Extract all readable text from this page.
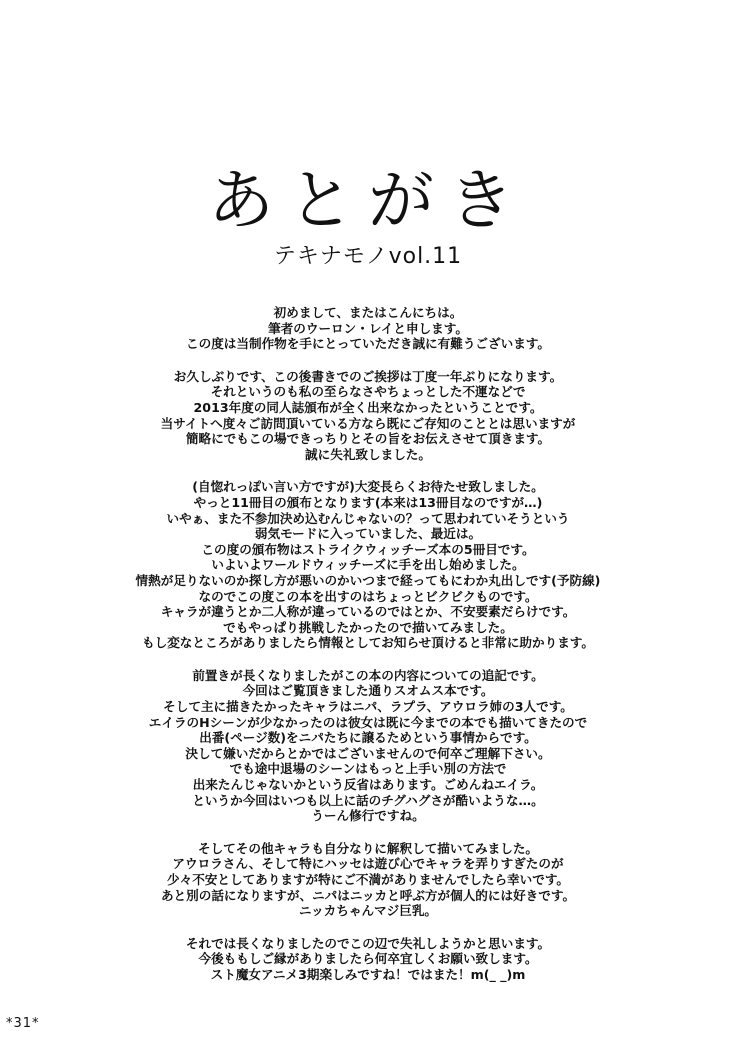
あとがき
テキナモノvol.11
初めまして、またはこんにちは。
筆者のウーロン・レイと申します。
この度は当制作物を手にとっていただき誠に有難うございます。
お久しぶりです、この後書きでのご挨拶は丁度一年ぶりになります。
それというのも私の至らなさやちょっとした不運などで
2013年度の同人誌頒布が全く出来なかったということです。
当サイトへ度々ご訪問頂いている方なら既にご存知のこととは思いますが
簡略にでもこの場できっちりとその旨をお伝えさせて頂きます。
誠に失礼致しました。
(自惚れっぽい言い方ですが)大変長らくお待たせ致しました。
やっと11冊目の頒布となります(本来は13冊目なのですが…)
いやぁ、また不参加決め込むんじゃないの？って思われていそうという
弱気モードに入っていました、最近は。
この度の頒布物はストライクウィッチーズ本の5冊目です。
いよいよワールドウィッチーズに手を出し始めました。
情熱が足りないのか探し方が悪いのかいつまで経ってもにわか丸出しです(予防線)
なのでこの度この本を出すのはちょっとビクビクものです。
キャラが違うとか二人称が違っているのではとか、不安要素だらけです。
でもやっぱり挑戦したかったので描いてみました。
もし変なところがありましたら情報としてお知らせ頂けると非常に助かります。
前置きが長くなりましたがこの本の内容についての追記です。
今回はご覧頂きました通りスオムス本です。
そして主に描きたかったキャラはニパ、ラプラ、アウロラ姉の3人です。
エイラのHシーンが少なかったのは彼女は既に今までの本でも描いてきたので
出番(ページ数)をニパたちに譲るためという事情からです。
決して嫌いだからとかではございませんので何卒ご理解下さい。
でも途中退場のシーンはもっと上手い別の方法で
出来たんじゃないかという反省はあります。ごめんねエイラ。
というか今回はいつも以上に話のチグハグさが酷いような…。
うーん修行ですね。
そしてその他キャラも自分なりに解釈して描いてみました。
アウロラさん、そして特にハッセは遊び心でキャラを弄りすぎたのが
少々不安としてありますが特にご不満がありませんでしたら幸いです。
あと別の話になりますが、ニパはニッカと呼ぶ方が個人的には好きです。
ニッカちゃんマジ巨乳。
それでは長くなりましたのでこの辺で失礼しようかと思います。
今後ももしご縁がありましたら何卒宜しくお願い致します。
スト魔女アニメ3期楽しみですね！ではまた！m(_ _)m
*31*
